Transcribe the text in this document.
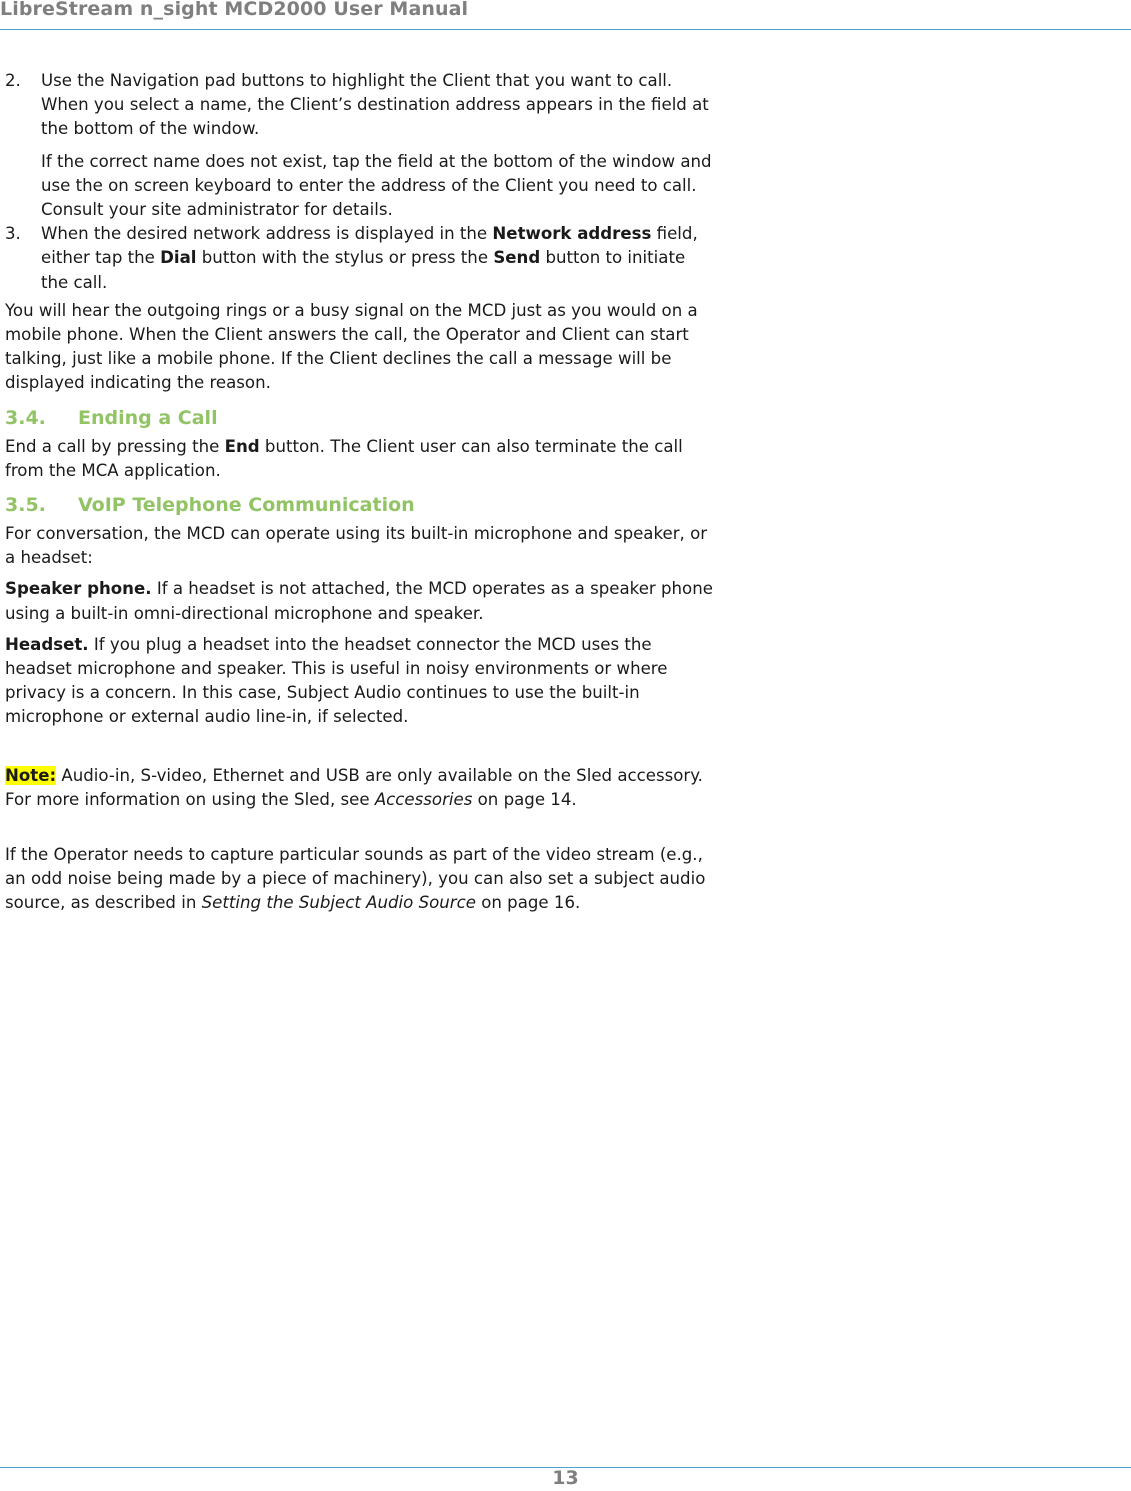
LibreStream n_sight MCD2000 User Manual

2. Use the Navigation pad buttons to highlight the Client that you want to call. When you select a name, the Client’s destination address appears in the field at the bottom of the window.

If the correct name does not exist, tap the field at the bottom of the window and use the on screen keyboard to enter the address of the Client you need to call. Consult your site administrator for details.

3. When the desired network address is displayed in the Network address field, either tap the Dial button with the stylus or press the Send button to initiate the call.

You will hear the outgoing rings or a busy signal on the MCD just as you would on a mobile phone. When the Client answers the call, the Operator and Client can start talking, just like a mobile phone. If the Client declines the call a message will be displayed indicating the reason.

3.4. Ending a Call

End a call by pressing the End button. The Client user can also terminate the call from the MCA application.

3.5. VoIP Telephone Communication

For conversation, the MCD can operate using its built-in microphone and speaker, or a headset:

Speaker phone. If a headset is not attached, the MCD operates as a speaker phone using a built-in omni-directional microphone and speaker.

Headset. If you plug a headset into the headset connector the MCD uses the headset microphone and speaker. This is useful in noisy environments or where privacy is a concern. In this case, Subject Audio continues to use the built-in microphone or external audio line-in, if selected.

Note: Audio-in, S-video, Ethernet and USB are only available on the Sled accessory. For more information on using the Sled, see Accessories on page 14.

If the Operator needs to capture particular sounds as part of the video stream (e.g., an odd noise being made by a piece of machinery), you can also set a subject audio source, as described in Setting the Subject Audio Source on page 16.

13
